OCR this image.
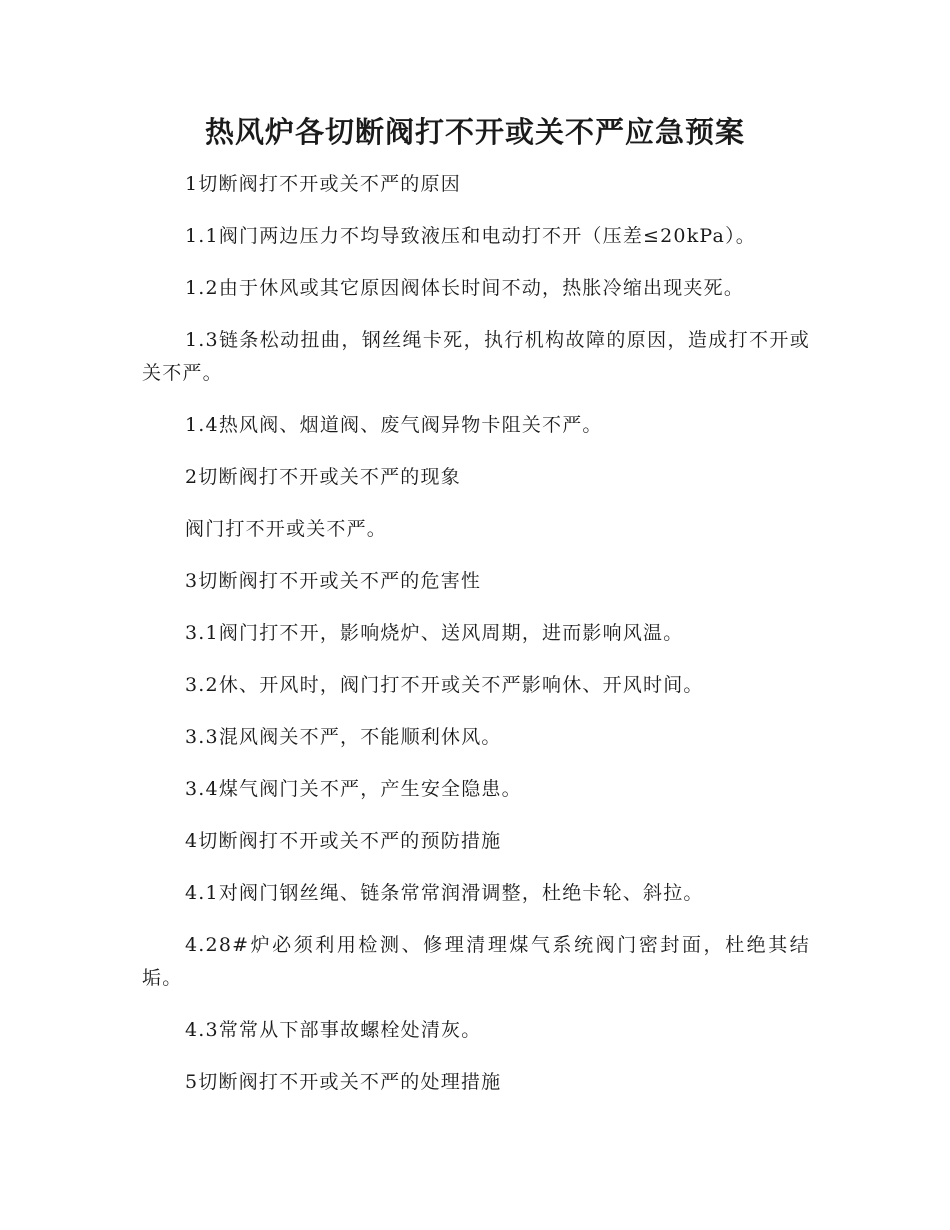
热风炉各切断阀打不开或关不严应急预案

1切断阀打不开或关不严的原因

1.1阀门两边压力不均导致液压和电动打不开（压差≤20kPa）。

1.2由于休风或其它原因阀体长时间不动，热胀冷缩出现夹死。

1.3链条松动扭曲，钢丝绳卡死，执行机构故障的原因，造成打不开或关不严。

1.4热风阀、烟道阀、废气阀异物卡阻关不严。

2切断阀打不开或关不严的现象

阀门打不开或关不严。

3切断阀打不开或关不严的危害性

3.1阀门打不开，影响烧炉、送风周期，进而影响风温。

3.2休、开风时，阀门打不开或关不严影响休、开风时间。

3.3混风阀关不严，不能顺利休风。

3.4煤气阀门关不严，产生安全隐患。

4切断阀打不开或关不严的预防措施

4.1对阀门钢丝绳、链条常常润滑调整，杜绝卡轮、斜拉。

4.28#炉必须利用检测、修理清理煤气系统阀门密封面，杜绝其结垢。

4.3常常从下部事故螺栓处清灰。

5切断阀打不开或关不严的处理措施
